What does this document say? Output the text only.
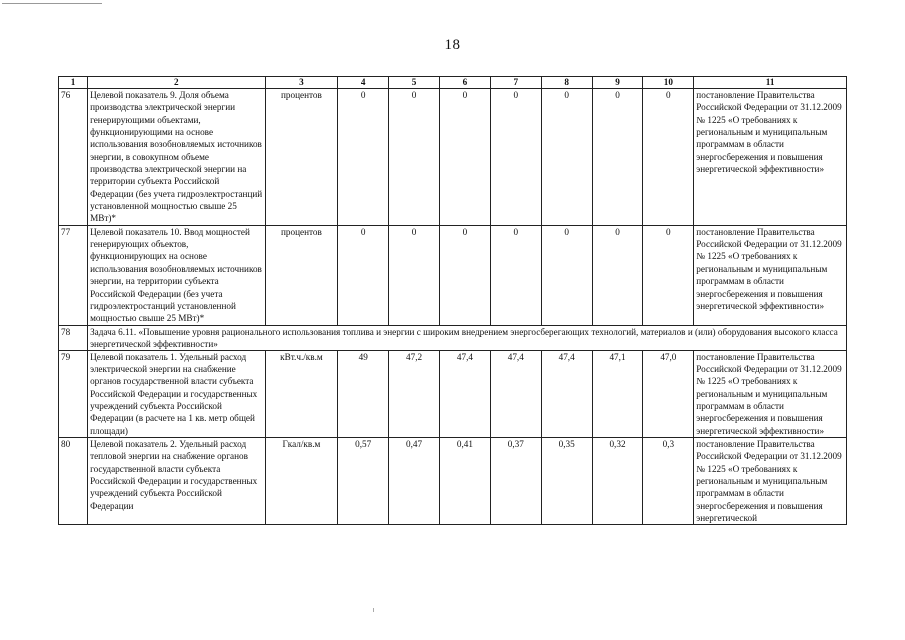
18
1	2	3	4	5	6	7	8	9	10	11
76	Целевой показатель 9. Доля объема производства электрической энергии генерирующими объектами, функционирующими на основе использования возобновляемых источников энергии, в совокупном объеме производства электрической энергии на территории субъекта Российской Федерации (без учета гидроэлектростанций установленной мощностью свыше 25 МВт)*	процентов	0	0	0	0	0	0	0	постановление Правительства Российской Федерации от 31.12.2009 № 1225 «О требованиях к региональным и муниципальным программам в области энергосбережения и повышения энергетической эффективности»
77	Целевой показатель 10. Ввод мощностей генерирующих объектов, функционирующих на основе использования возобновляемых источников энергии, на территории субъекта Российской Федерации (без учета гидроэлектростанций установленной мощностью свыше 25 МВт)*	процентов	0	0	0	0	0	0	0	постановление Правительства Российской Федерации от 31.12.2009 № 1225 «О требованиях к региональным и муниципальным программам в области энергосбережения и повышения энергетической эффективности»
78	Задача 6.11. «Повышение уровня рационального использования топлива и энергии с широким внедрением энергосберегающих технологий, материалов и (или) оборудования высокого класса энергетической эффективности»									
79	Целевой показатель 1. Удельный расход электрической энергии на снабжение органов государственной власти субъекта Российской Федерации и государственных учреждений субъекта Российской Федерации (в расчете на 1 кв. метр общей площади)	кВт.ч./кв.м	49	47,2	47,4	47,4	47,4	47,1	47,0	постановление Правительства Российской Федерации от 31.12.2009 № 1225 «О требованиях к региональным и муниципальным программам в области энергосбережения и повышения энергетической эффективности»
80	Целевой показатель 2. Удельный расход тепловой энергии на снабжение органов государственной власти субъекта Российской Федерации и государственных учреждений субъекта Российской Федерации	Гкал/кв.м	0,57	0,47	0,41	0,37	0,35	0,32	0,3	постановление Правительства Российской Федерации от 31.12.2009 № 1225 «О требованиях к региональным и муниципальным программам в области энергосбережения и повышения энергетической
